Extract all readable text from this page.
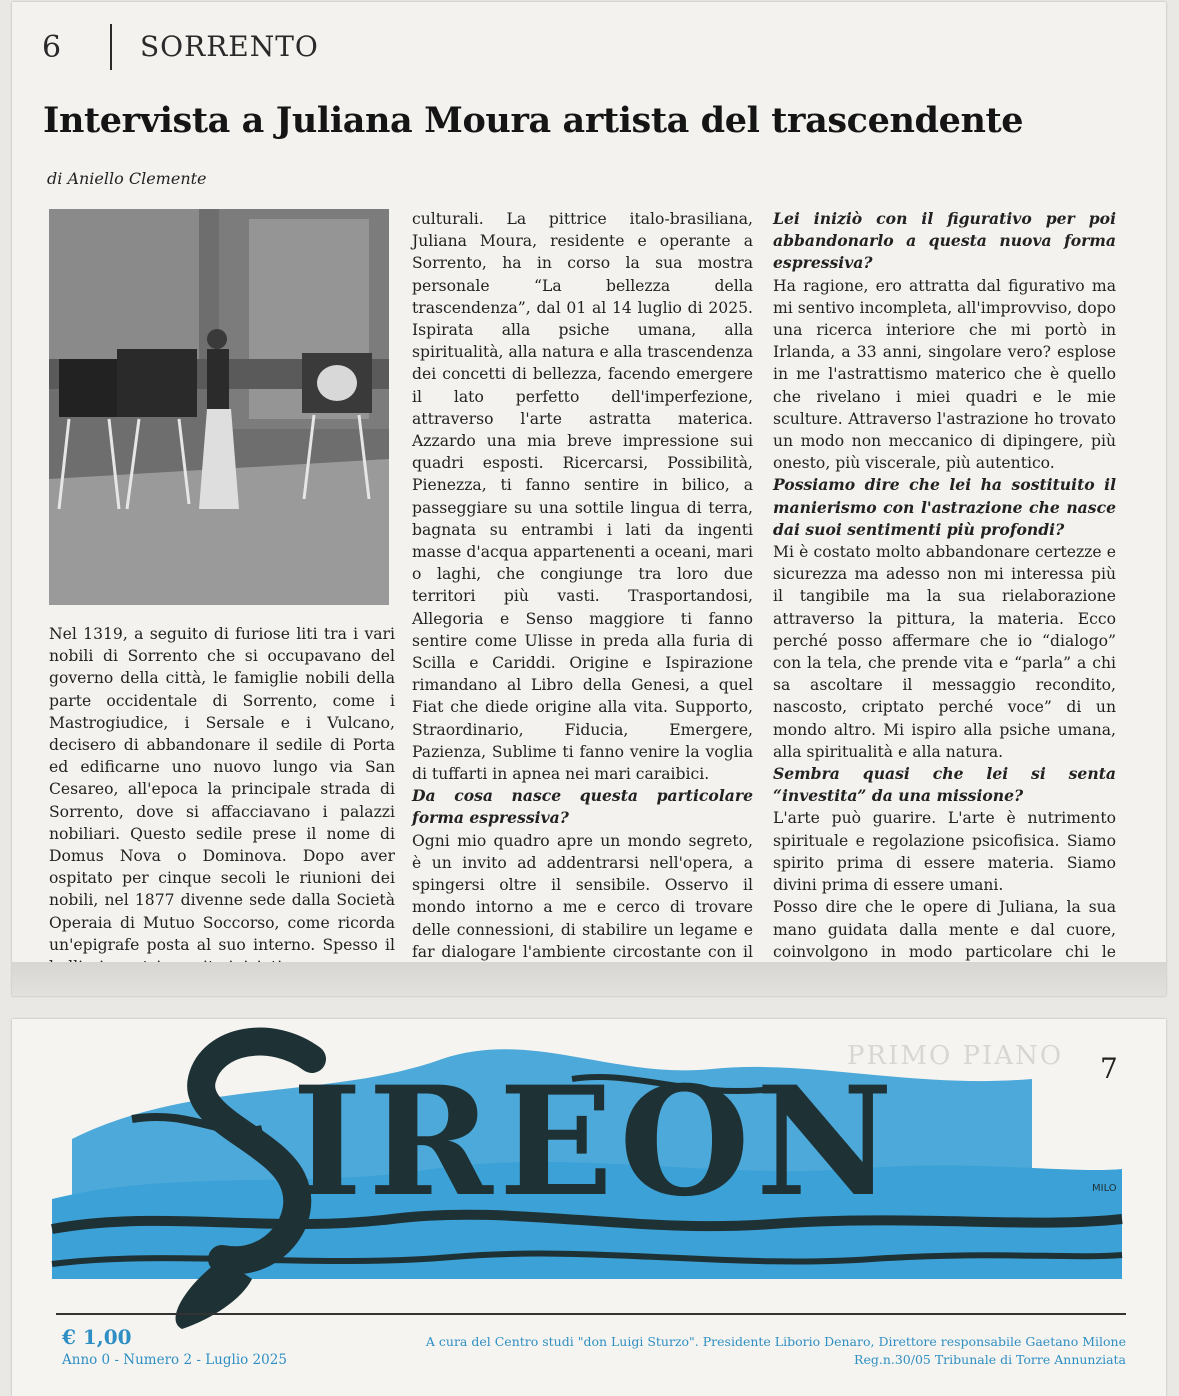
6	SORRENTO
Intervista a Juliana Moura artista del trascendente
di Aniello Clemente

Nel 1319, a seguito di furiose liti tra i vari nobili di Sorrento che si occupavano del governo della città, le famiglie nobili della parte occidentale di Sorrento, come i Mastrogiudice, i Sersale e i Vulcano, decisero di abbandonare il sedile di Porta ed edificarne uno nuovo lungo via San Cesareo, all'epoca la principale strada di Sorrento, dove si affacciavano i palazzi nobiliari. Questo sedile prese il nome di Domus Nova o Dominova. Dopo aver ospitato per cinque secoli le riunioni dei nobili, nel 1877 divenne sede dalla Società Operaia di Mutuo Soccorso, come ricorda un'epigrafe posta al suo interno. Spesso il

culturali. La pittrice italo-brasiliana, Juliana Moura, residente e operante a Sorrento, ha in corso la sua mostra personale “La bellezza della trascendenza”, dal 01 al 14 luglio di 2025. Ispirata alla psiche umana, alla spiritualità, alla natura e alla trascendenza dei concetti di bellezza, facendo emergere il lato perfetto dell'imperfezione, attraverso l'arte astratta materica. Azzardo una mia breve impressione sui quadri esposti. Ricercarsi, Possibilità, Pienezza, ti fanno sentire in bilico, a passeggiare su una sottile lingua di terra, bagnata su entrambi i lati da ingenti masse d'acqua appartenenti a oceani, mari o laghi, che congiunge tra loro due territori più vasti. Trasportandosi, Allegoria e Senso maggiore ti fanno sentire come Ulisse in preda alla furia di Scilla e Cariddi. Origine e Ispirazione rimandano al Libro della Genesi, a quel Fiat che diede origine alla vita. Supporto, Straordinario, Fiducia, Emergere, Pazienza, Sublime ti fanno venire la voglia di tuffarti in apnea nei mari caraibici.

Da cosa nasce questa particolare forma espressiva?

Ogni mio quadro apre un mondo segreto, è un invito ad addentrarsi nell'opera, a spingersi oltre il sensibile. Osservo il mondo intorno a me e cerco di trovare delle connessioni, di stabilire un legame e far dialogare l'ambiente circostante con il

Lei iniziò con il figurativo per poi abbandonarlo a questa nuova forma espressiva?

Ha ragione, ero attratta dal figurativo ma mi sentivo incompleta, all'improvviso, dopo una ricerca interiore che mi portò in Irlanda, a 33 anni, singolare vero? esplose in me l'astrattismo materico che è quello che rivelano i miei quadri e le mie sculture. Attraverso l'astrazione ho trovato un modo non meccanico di dipingere, più onesto, più viscerale, più autentico.

Possiamo dire che lei ha sostituito il manierismo con l'astrazione che nasce dai suoi sentimenti più profondi?

Mi è costato molto abbandonare certezze e sicurezza ma adesso non mi interessa più il tangibile ma la sua rielaborazione attraverso la pittura, la materia. Ecco perché posso affermare che io “dialogo” con la tela, che prende vita e “parla” a chi sa ascoltare il messaggio recondito, nascosto, criptato perché voce” di un mondo altro. Mi ispiro alla psiche umana, alla spiritualità e alla natura.

Sembra quasi che lei si senta “investita” da una missione?

L'arte può guarire. L'arte è nutrimento spirituale e regolazione psicofisica. Siamo spirito prima di essere materia. Siamo divini prima di essere umani.

Posso dire che le opere di Juliana, la sua mano guidata dalla mente e dal cuore, coinvolgono in modo particolare chi le

PRIMO PIANO
IREON	MILO
7
€ 1,00
Anno 0 - Numero 2 - Luglio 2025
A cura del Centro studi "don Luigi Sturzo". Presidente Liborio Denaro, Direttore responsabile Gaetano Milone
Reg.n.30/05 Tribunale di Torre Annunziata
